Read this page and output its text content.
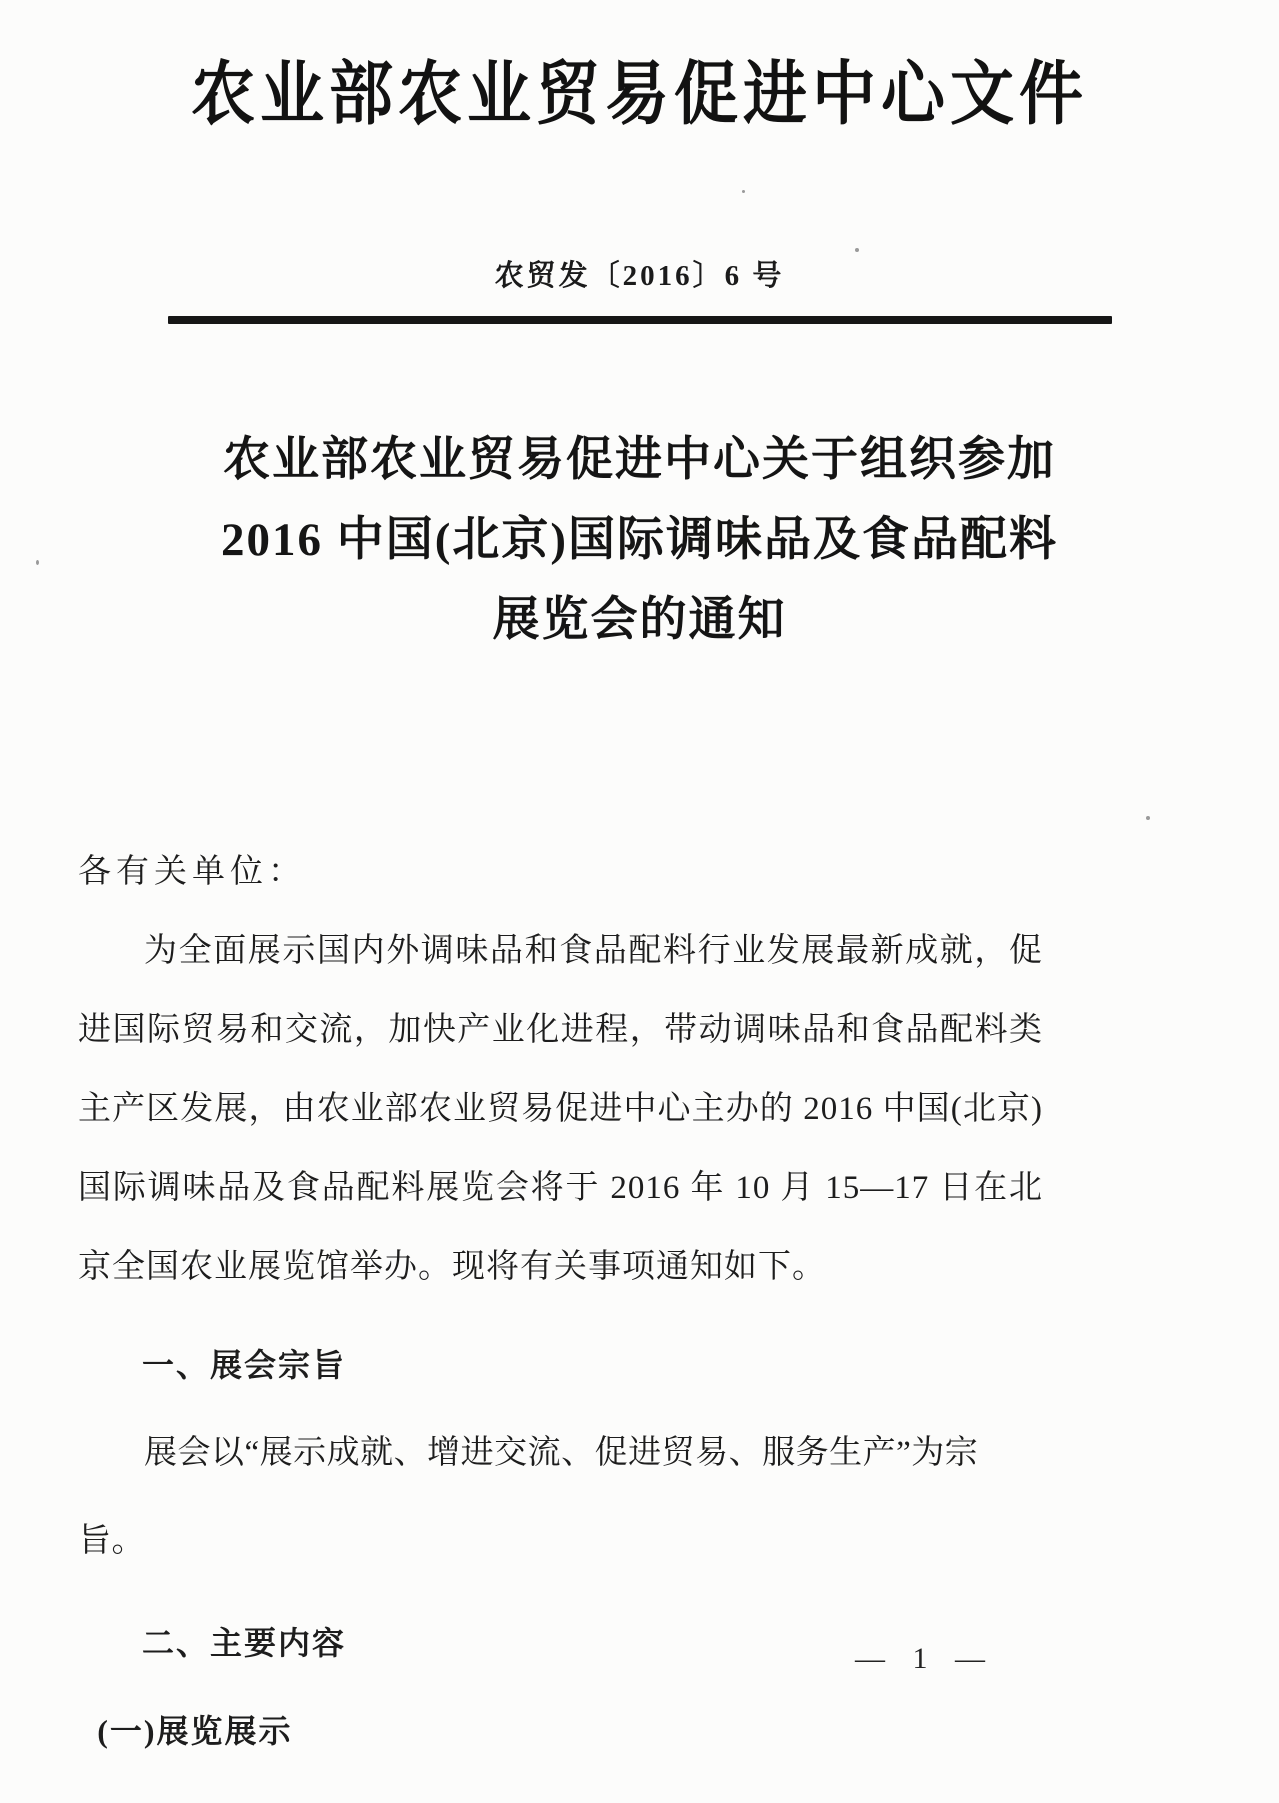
农业部农业贸易促进中心文件
农贸发〔2016〕6 号
农业部农业贸易促进中心关于组织参加
2016 中国(北京)国际调味品及食品配料
展览会的通知
各有关单位：

为全面展示国内外调味品和食品配料行业发展最新成就，促进国际贸易和交流，加快产业化进程，带动调味品和食品配料类主产区发展，由农业部农业贸易促进中心主办的 2016 中国(北京)国际调味品及食品配料展览会将于 2016 年 10 月 15—17 日在北京全国农业展览馆举办。现将有关事项通知如下。

一、展会宗旨
展会以“展示成就、增进交流、促进贸易、服务生产”为宗旨。
二、主要内容
(一)展览展示
— 1 —
